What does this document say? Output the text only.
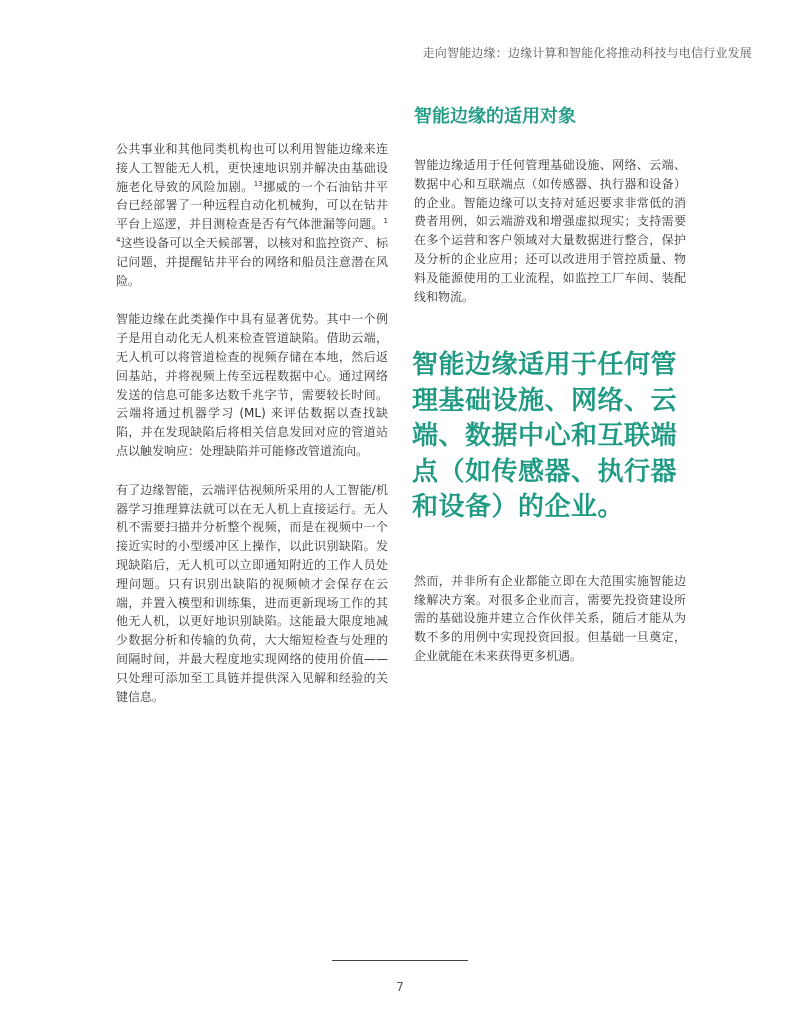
走向智能边缘：边缘计算和智能化将推动科技与电信行业发展

公共事业和其他同类机构也可以利用智能边缘来连接人工智能无人机，更快速地识别并解决由基础设施老化导致的风险加剧。$^{13}$挪威的一个石油钻井平台已经部署了一种远程自动化机械狗，可以在钻井平台上巡逻，并目测检查是否有气体泄漏等问题。$^{14}$这些设备可以全天候部署，以核对和监控资产、标记问题，并提醒钻井平台的网络和船员注意潜在风险。

智能边缘在此类操作中具有显著优势。其中一个例子是用自动化无人机来检查管道缺陷。借助云端，无人机可以将管道检查的视频存储在本地，然后返回基站，并将视频上传至远程数据中心。通过网络发送的信息可能多达数千兆字节，需要较长时间。云端将通过机器学习 (ML) 来评估数据以查找缺陷，并在发现缺陷后将相关信息发回对应的管道站点以触发响应：处理缺陷并可能修改管道流向。

有了边缘智能，云端评估视频所采用的人工智能/机器学习推理算法就可以在无人机上直接运行。无人机不需要扫描并分析整个视频，而是在视频中一个接近实时的小型缓冲区上操作，以此识别缺陷。发现缺陷后，无人机可以立即通知附近的工作人员处理问题。只有识别出缺陷的视频帧才会保存在云端，并置入模型和训练集，进而更新现场工作的其他无人机，以更好地识别缺陷。这能最大限度地减少数据分析和传输的负荷，大大缩短检查与处理的间隔时间，并最大程度地实现网络的使用价值——只处理可添加至工具链并提供深入见解和经验的关键信息。

智能边缘的适用对象

智能边缘适用于任何管理基础设施、网络、云端、数据中心和互联端点（如传感器、执行器和设备）的企业。智能边缘可以支持对延迟要求非常低的消费者用例，如云端游戏和增强虚拟现实；支持需要在多个运营和客户领域对大量数据进行整合，保护及分析的企业应用；还可以改进用于管控质量、物料及能源使用的工业流程，如监控工厂车间、装配线和物流。

智能边缘适用于任何管理基础设施、网络、云端、数据中心和互联端点（如传感器、执行器和设备）的企业。

然而，并非所有企业都能立即在大范围实施智能边缘解决方案。对很多企业而言，需要先投资建设所需的基础设施并建立合作伙伴关系，随后才能从为数不多的用例中实现投资回报。但基础一旦奠定，企业就能在未来获得更多机遇。

7
